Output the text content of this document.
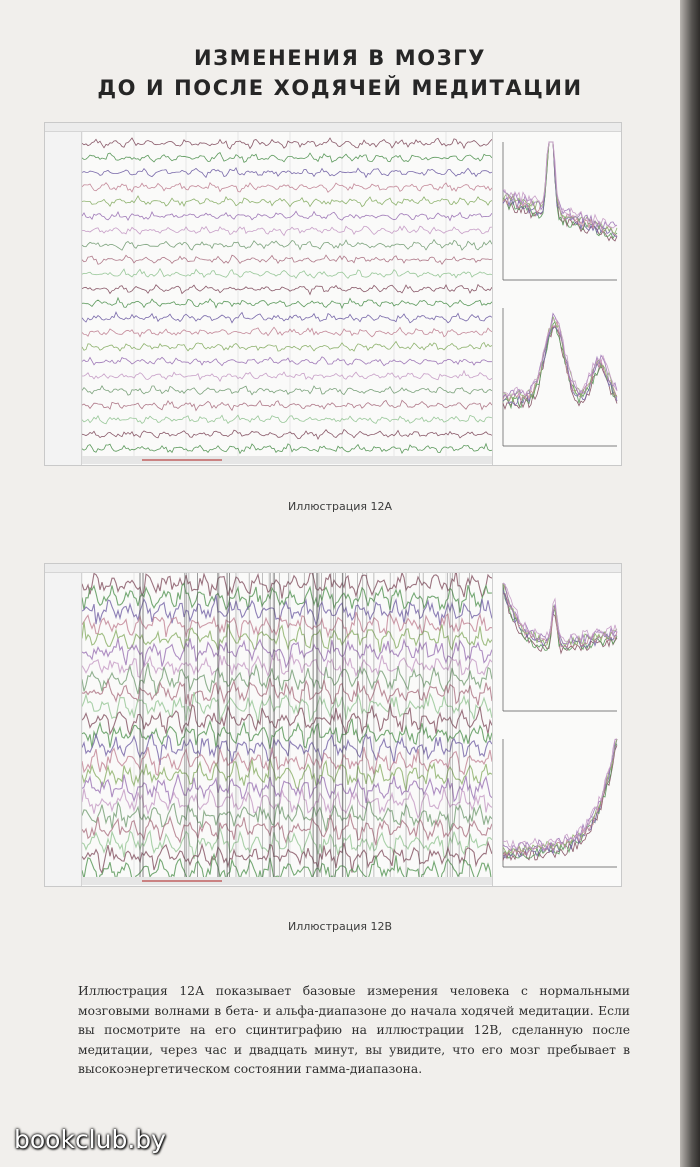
ИЗМЕНЕНИЯ В МОЗГУ
ДО И ПОСЛЕ ХОДЯЧЕЙ МЕДИТАЦИИ
Иллюстрация 12А
Иллюстрация 12В
Иллюстрация 12А показывает базовые измерения человека с нормальными мозговыми волнами в бета- и альфа-диапазоне до начала ходячей медитации. Если вы посмотрите на его сцинтиграфию на иллюстрации 12В, сделанную после медитации, через час и двадцать минут, вы увидите, что его мозг пребывает в высокоэнергетическом состоянии гамма-диапазона.
bookclub.by
